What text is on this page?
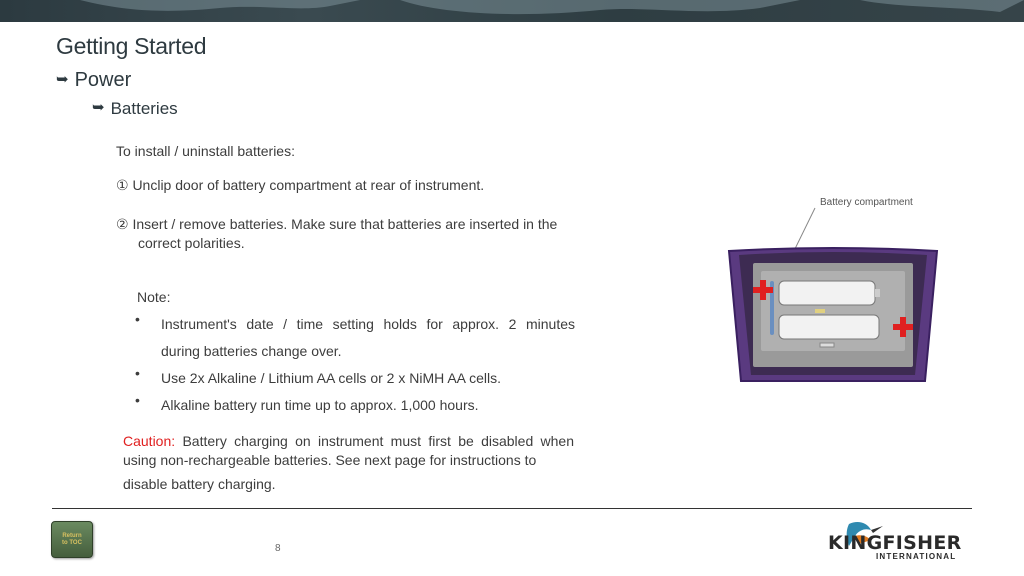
Getting Started
➥ Power
➥ Batteries
To install / uninstall batteries:
① Unclip door of battery compartment at rear of instrument.
② Insert / remove batteries. Make sure that batteries are inserted in the
correct polarities.
Note:
•	Instrument's date / time setting holds for approx. 2 minutes
during batteries change over.
•	Use 2x Alkaline / Lithium AA cells or 2 x NiMH AA cells.
•	Alkaline battery run time up to approx. 1,000 hours.
Caution: Battery charging on instrument must first be disabled when using non-rechargeable batteries. See next page for instructions to
disable battery charging.
Battery compartment
Return
to TOC
8	KINGFISHER
INTERNATIONAL
